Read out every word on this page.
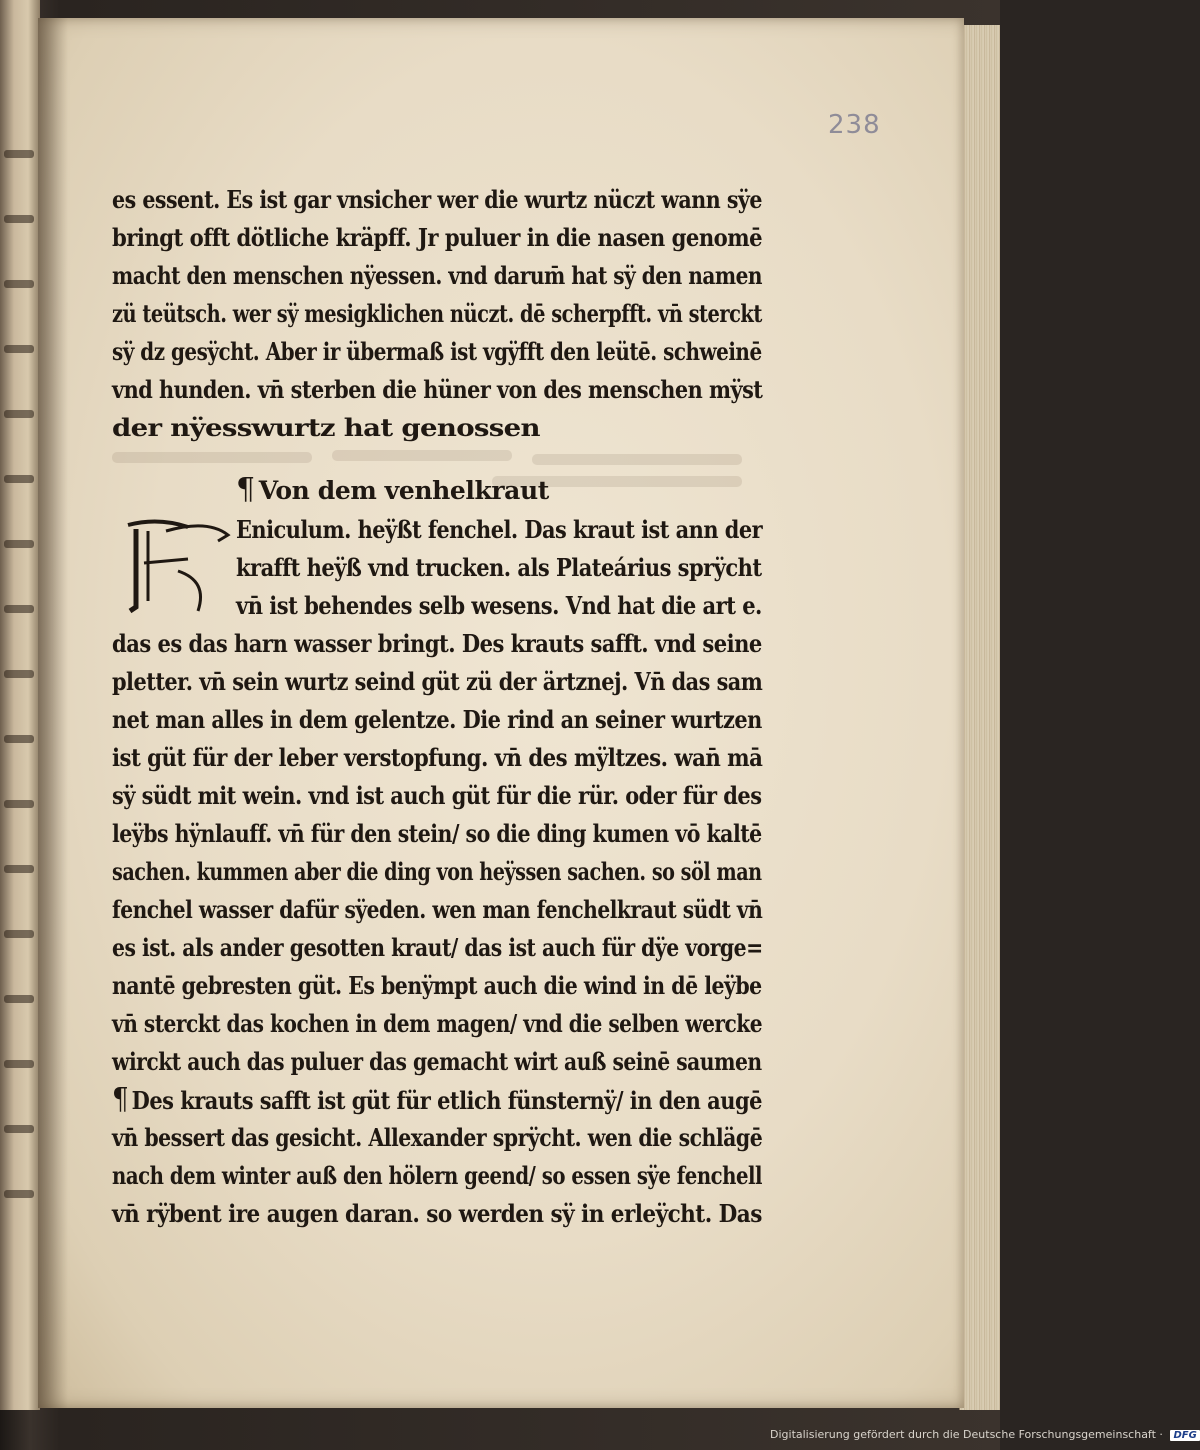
238
es essent. Es ist gar vnsicher wer die wurtz nüczt wann sÿe
bringt offt dötliche kräpff. Jr puluer in die nasen genomē
macht den menschen nÿessen. vnd darum̄ hat sÿ den namen
zü teütsch. wer sÿ mesigklichen nüczt. dē scherpfft. vn̄ sterckt
sÿ dz gesÿcht. Aber ir übermaß ist vgÿfft den leütē. schweinē
vnd hunden. vn̄ sterben die hüner von des menschen mÿst
der nÿesswurtz hat genossen
¶ Von dem venhelkraut
Eniculum. heÿßt fenchel. Das kraut ist ann der
krafft heÿß vnd trucken. als Plateárius sprÿcht
vn̄ ist behendes selb wesens. Vnd hat die art e.
das es das harn wasser bringt. Des krauts safft. vnd seine
pletter. vn̄ sein wurtz seind güt zü der ärtznej. Vn̄ das sam
net man alles in dem gelentze. Die rind an seiner wurtzen
ist güt für der leber verstopfung. vn̄ des mÿltzes. wan̄ mā
sÿ südt mit wein. vnd ist auch güt für die rür. oder für des
leÿbs hÿnlauff. vn̄ für den stein/ so die ding kumen vō kaltē
sachen. kummen aber die ding von heÿssen sachen. so söl man
fenchel wasser dafür sÿeden. wen man fenchelkraut südt vn̄
es ist. als ander gesotten kraut/ das ist auch für dÿe vorge=
nantē gebresten güt. Es benÿmpt auch die wind in dē leÿbe
vn̄ sterckt das kochen in dem magen/ vnd die selben wercke
wirckt auch das puluer das gemacht wirt auß seinē saumen
¶ Des krauts safft ist güt für etlich fünsternÿ/ in den augē
vn̄ bessert das gesicht. Allexander sprÿcht. wen die schlägē
nach dem winter auß den hölern geend/ so essen sÿe fenchell
vn̄ rÿbent ire augen daran. so werden sÿ in erleÿcht. Das
Digitalisierung gefördert durch die Deutsche Forschungsgemeinschaft · DFG
